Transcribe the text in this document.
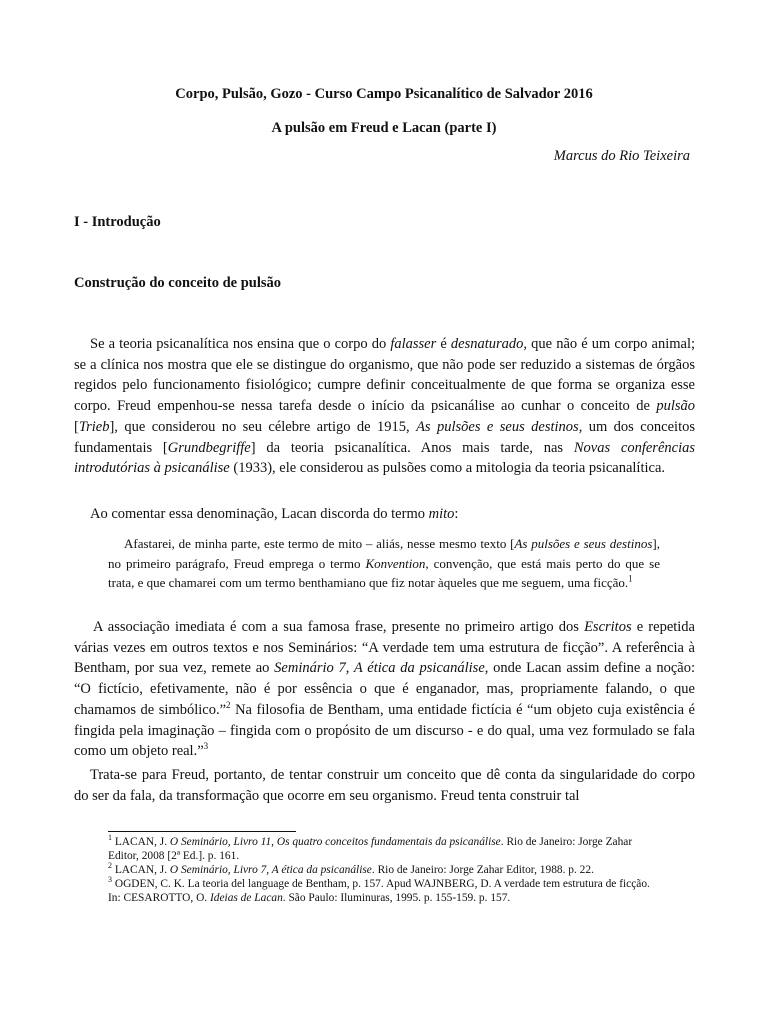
Corpo, Pulsão, Gozo - Curso Campo Psicanalítico de Salvador 2016
A pulsão em Freud e Lacan (parte I)
Marcus do Rio Teixeira
I - Introdução
Construção do conceito de pulsão
Se a teoria psicanalítica nos ensina que o corpo do falasser é desnaturado, que não é um corpo animal; se a clínica nos mostra que ele se distingue do organismo, que não pode ser reduzido a sistemas de órgãos regidos pelo funcionamento fisiológico; cumpre definir conceitualmente de que forma se organiza esse corpo. Freud empenhou-se nessa tarefa desde o início da psicanálise ao cunhar o conceito de pulsão [Trieb], que considerou no seu célebre artigo de 1915, As pulsões e seus destinos, um dos conceitos fundamentais [Grundbegriffe] da teoria psicanalítica. Anos mais tarde, nas Novas conferências introdutórias à psicanálise (1933), ele considerou as pulsões como a mitologia da teoria psicanalítica.
Ao comentar essa denominação, Lacan discorda do termo mito:
Afastarei, de minha parte, este termo de mito – aliás, nesse mesmo texto [As pulsões e seus destinos], no primeiro parágrafo, Freud emprega o termo Konvention, convenção, que está mais perto do que se trata, e que chamarei com um termo benthamiano que fiz notar àqueles que me seguem, uma ficção.$^1$
A associação imediata é com a sua famosa frase, presente no primeiro artigo dos Escritos e repetida várias vezes em outros textos e nos Seminários: “A verdade tem uma estrutura de ficção”. A referência à Bentham, por sua vez, remete ao Seminário 7, A ética da psicanálise, onde Lacan assim define a noção: “O fictício, efetivamente, não é por essência o que é enganador, mas, propriamente falando, o que chamamos de simbólico.”$^2$ Na filosofia de Bentham, uma entidade fictícia é “um objeto cuja existência é fingida pela imaginação – fingida com o propósito de um discurso - e do qual, uma vez formulado se fala como um objeto real.”$^3$
Trata-se para Freud, portanto, de tentar construir um conceito que dê conta da singularidade do corpo do ser da fala, da transformação que ocorre em seu organismo. Freud tenta construir tal

$^1$ LACAN, J. O Seminário, Livro 11, Os quatro conceitos fundamentais da psicanálise. Rio de Janeiro: Jorge Zahar Editor, 2008 [2ª Ed.]. p. 161.

$^2$ LACAN, J. O Seminário, Livro 7, A ética da psicanálise. Rio de Janeiro: Jorge Zahar Editor, 1988. p. 22.

$^3$ OGDEN, C. K. La teoria del language de Bentham, p. 157. Apud WAJNBERG, D. A verdade tem estrutura de ficção. In: CESAROTTO, O. Ideias de Lacan. São Paulo: Iluminuras, 1995. p. 155-159. p. 157.
